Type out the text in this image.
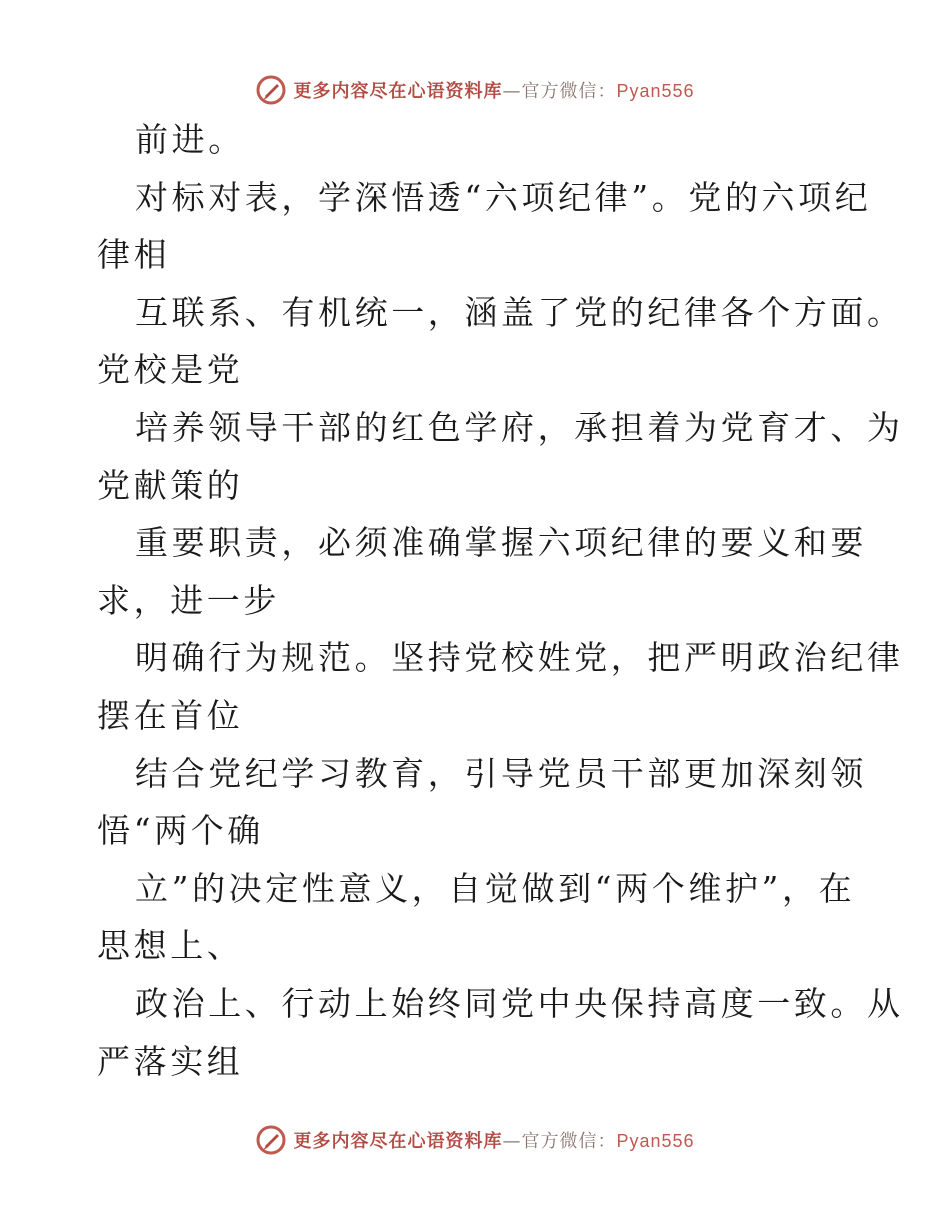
更多内容尽在心语资料库—官方微信：Pyan556
前进。
对标对表，学深悟透“六项纪律”。党的六项纪
律相
互联系、有机统一，涵盖了党的纪律各个方面。
党校是党
培养领导干部的红色学府，承担着为党育才、为
党献策的
重要职责，必须准确掌握六项纪律的要义和要
求，进一步
明确行为规范。坚持党校姓党，把严明政治纪律
摆在首位
结合党纪学习教育，引导党员干部更加深刻领
悟“两个确
立”的决定性意义，自觉做到“两个维护”，在
思想上、
政治上、行动上始终同党中央保持高度一致。从
严落实组
更多内容尽在心语资料库—官方微信：Pyan556
